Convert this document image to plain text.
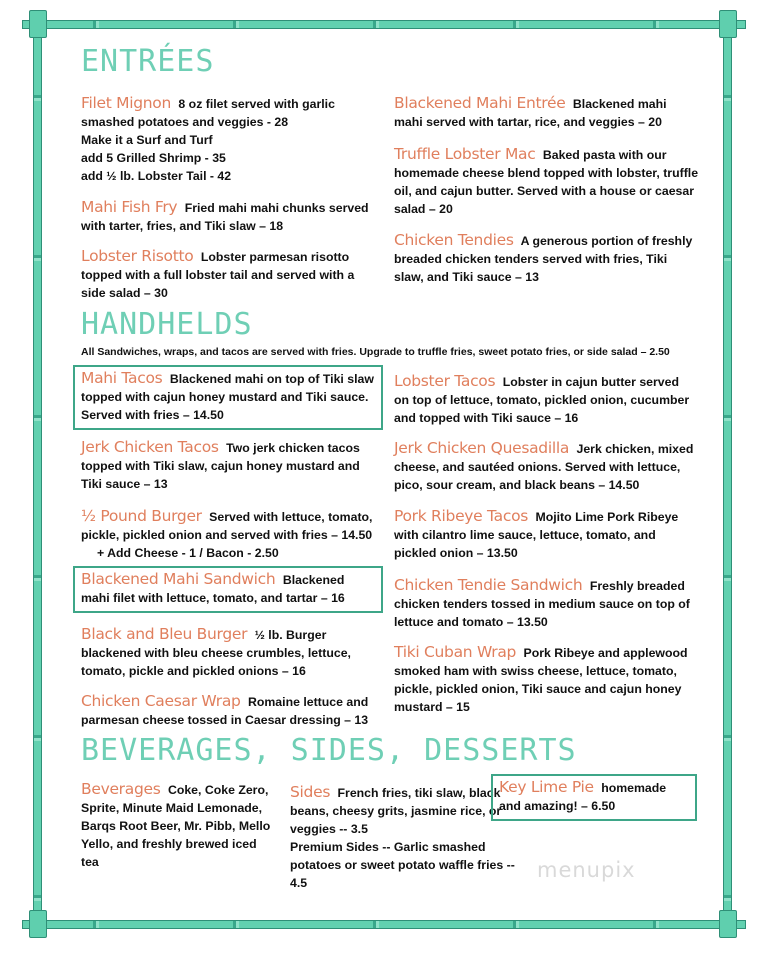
ENTRÉES
HANDHELDS
All Sandwiches, wraps, and tacos are served with fries. Upgrade to truffle fries, sweet potato fries, or side salad – 2.50
BEVERAGES, SIDES, DESSERTS
Filet Mignon 8 oz filet served with garlic smashed potatoes and veggies - 28
Make it a Surf and Turf
add 5 Grilled Shrimp - 35
add ½ lb. Lobster Tail - 42
Mahi Fish Fry Fried mahi mahi chunks served with tarter, fries, and Tiki slaw – 18
Lobster Risotto Lobster parmesan risotto topped with a full lobster tail and served with a side salad – 30
Blackened Mahi Entrée Blackened mahi mahi served with tartar, rice, and veggies – 20
Truffle Lobster Mac Baked pasta with our homemade cheese blend topped with lobster, truffle oil, and cajun butter. Served with a house or caesar salad – 20
Chicken Tendies A generous portion of freshly breaded chicken tenders served with fries, Tiki slaw, and Tiki sauce – 13
Mahi Tacos Blackened mahi on top of Tiki slaw topped with cajun honey mustard and Tiki sauce. Served with fries – 14.50
Jerk Chicken Tacos Two jerk chicken tacos topped with Tiki slaw, cajun honey mustard and Tiki sauce – 13
½ Pound Burger Served with lettuce, tomato, pickle, pickled onion and served with fries – 14.50
+ Add Cheese - 1 / Bacon - 2.50
Blackened Mahi Sandwich Blackened mahi filet with lettuce, tomato, and tartar – 16
Black and Bleu Burger ½ lb. Burger blackened with bleu cheese crumbles, lettuce, tomato, pickle and pickled onions – 16
Chicken Caesar Wrap Romaine lettuce and parmesan cheese tossed in Caesar dressing – 13
Lobster Tacos Lobster in cajun butter served on top of lettuce, tomato, pickled onion, cucumber and topped with Tiki sauce – 16
Jerk Chicken Quesadilla Jerk chicken, mixed cheese, and sautéed onions. Served with lettuce, pico, sour cream, and black beans – 14.50
Pork Ribeye Tacos Mojito Lime Pork Ribeye with cilantro lime sauce, lettuce, tomato, and pickled onion – 13.50
Chicken Tendie Sandwich Freshly breaded chicken tenders tossed in medium sauce on top of lettuce and tomato – 13.50
Tiki Cuban Wrap Pork Ribeye and applewood smoked ham with swiss cheese, lettuce, tomato, pickle, pickled onion, Tiki sauce and cajun honey mustard – 15
Beverages Coke, Coke Zero, Sprite, Minute Maid Lemonade, Barqs Root Beer, Mr. Pibb, Mello Yello, and freshly brewed iced tea
Sides French fries, tiki slaw, black beans, cheesy grits, jasmine rice, or veggies -- 3.5
Premium Sides -- Garlic smashed potatoes or sweet potato waffle fries -- 4.5
Key Lime Pie homemade and amazing! – 6.50
menupix
